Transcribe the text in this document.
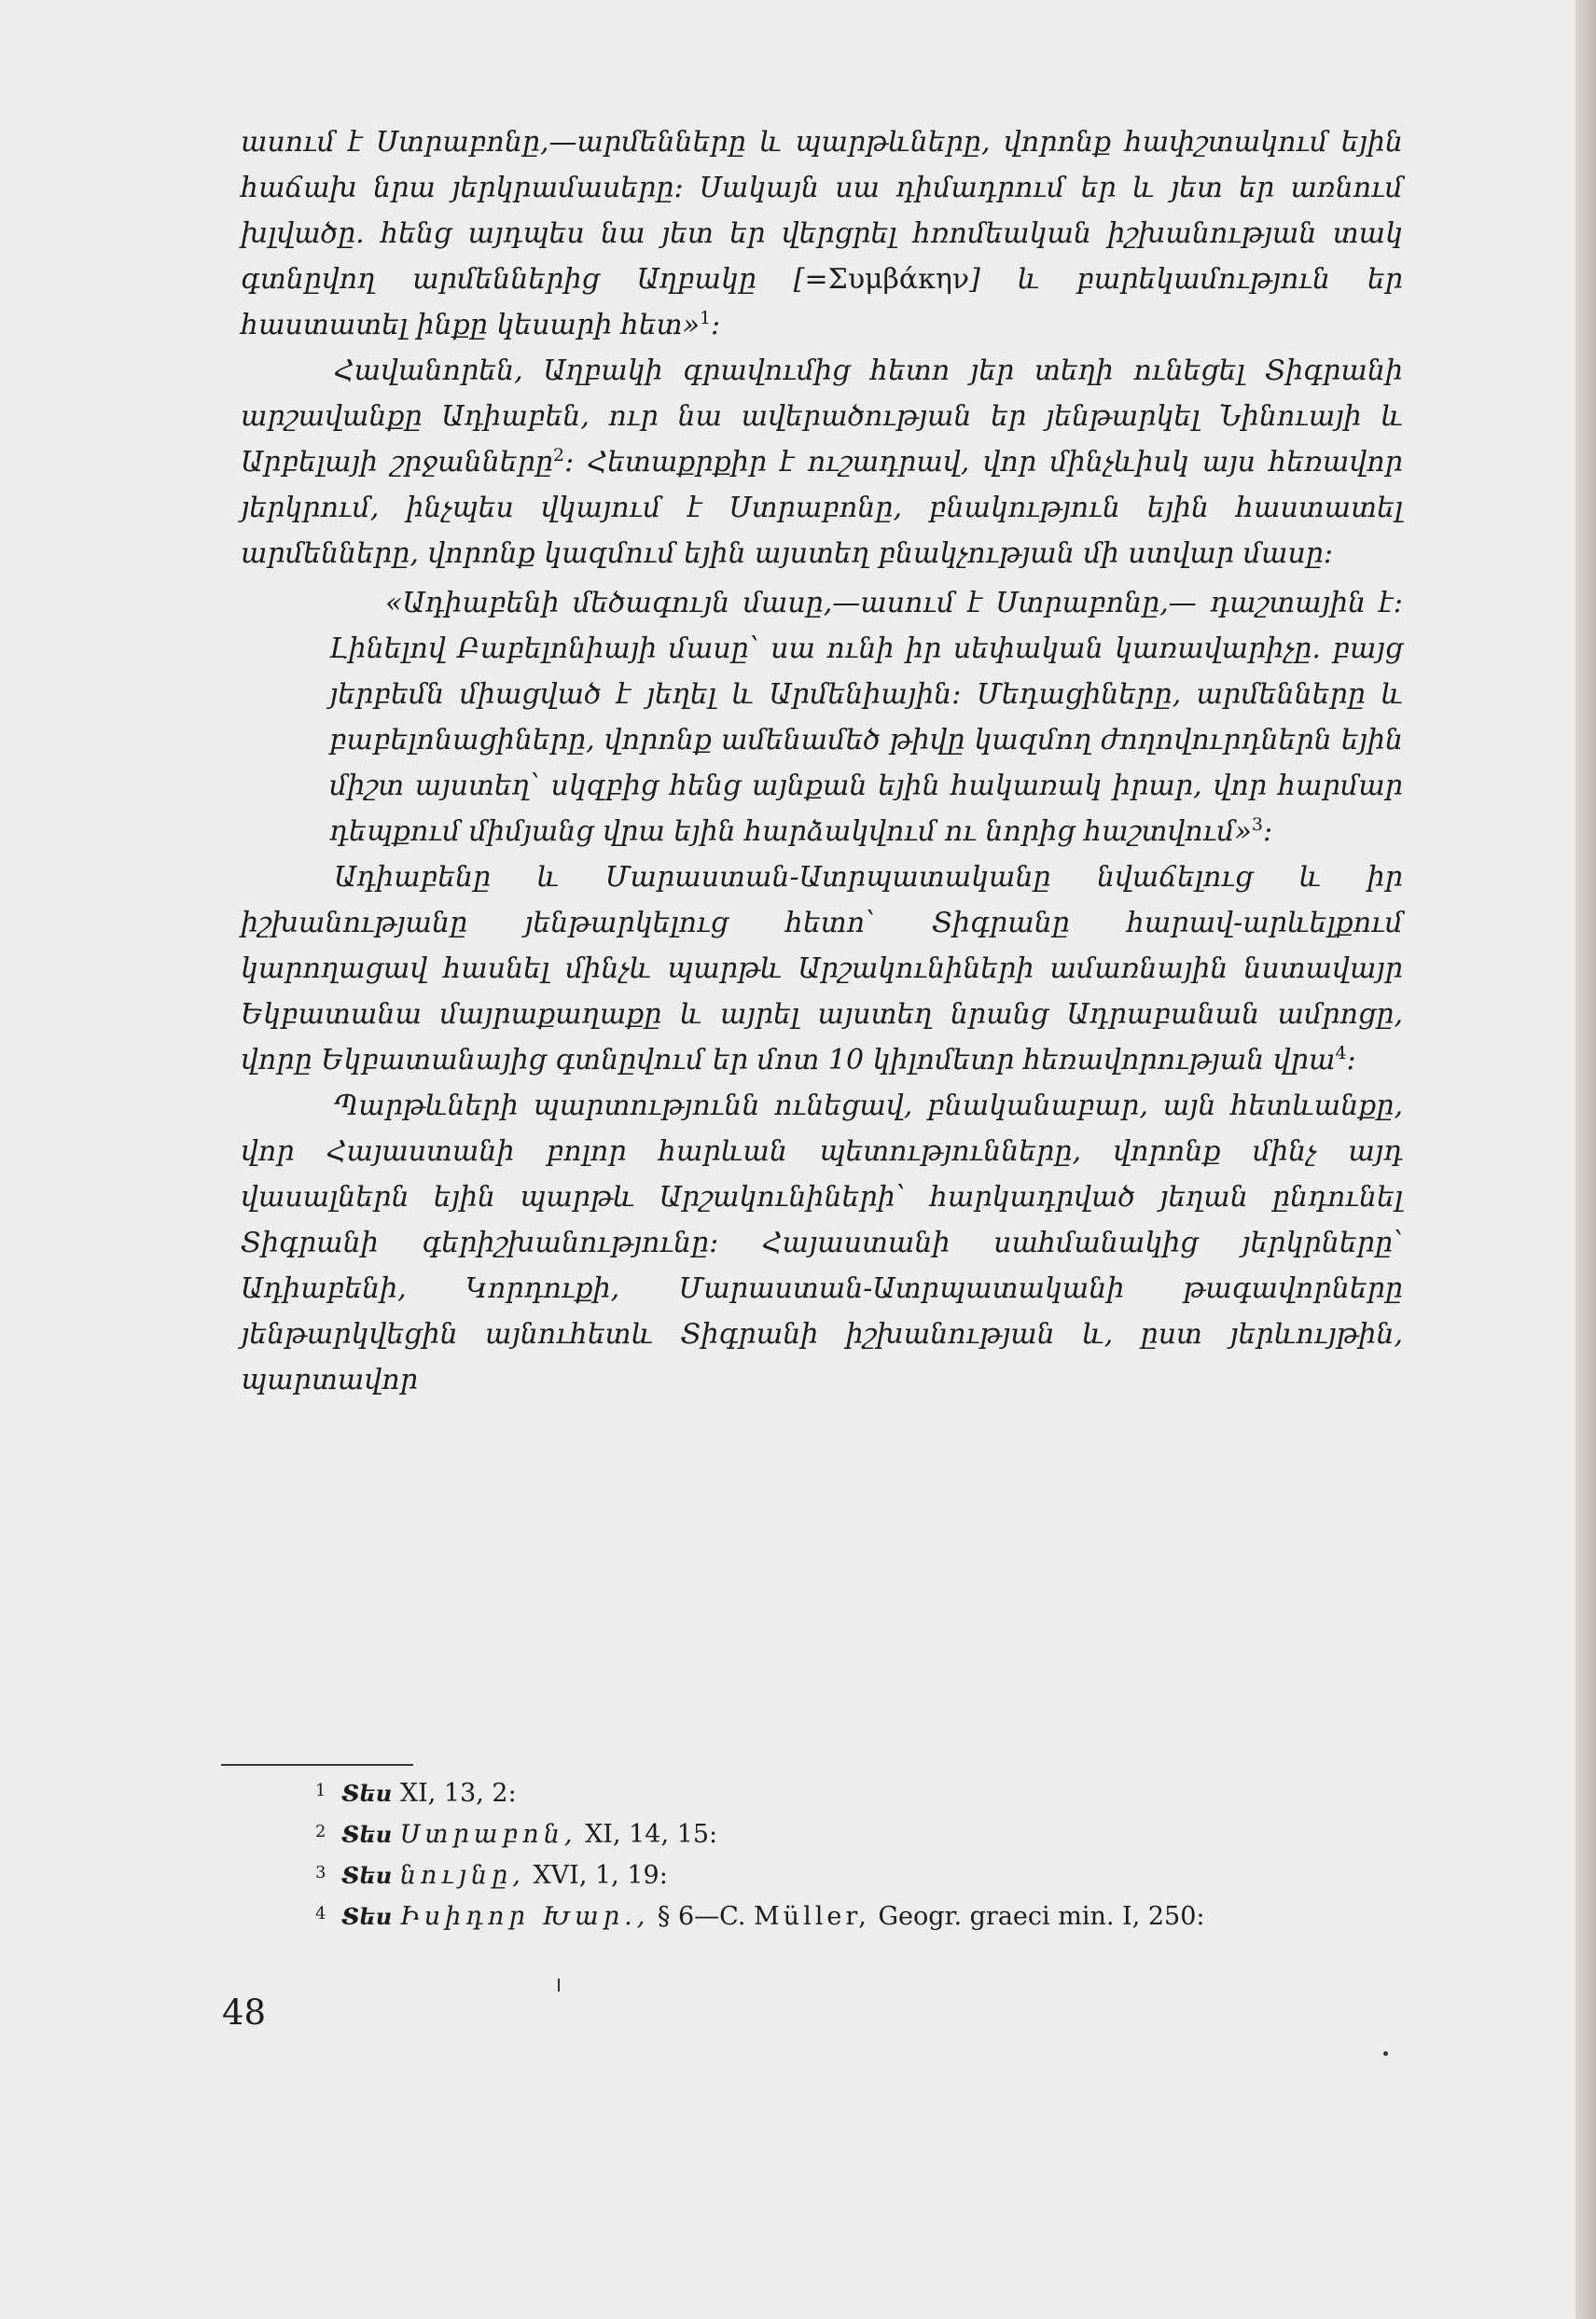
ասում է Ստրաբոնը,—արմենները և պարթևները, վորոնք հափշտակում եյին հաճախ նրա յերկրամասերը։ Սակայն սա դիմադրում եր և յետ եր առնում խլվածը. հենց այդպես նա յետ եր վերցրել հռոմեական իշխանության տակ գտնըվող արմեններից Աղբակը [=Συμβάκην] և բարեկամություն եր հաստատել ինքը կեսարի հետ»$^1$։

Հավանորեն, Աղբակի գրավումից հետո յեր տեղի ունեցել Տիգրանի արշավանքը Ադիաբեն, ուր նա ավերածության եր յենթարկել Նինուայի և Արբելայի շրջանները$^2$։ Հետաքրքիր է ուշադրավ, վոր մինչևիսկ այս հեռավոր յերկրում, ինչպես վկայում է Ստրաբոնը, բնակություն եյին հաստատել արմենները, վորոնք կազմում եյին այստեղ բնակչության մի ստվար մասը։

«Ադիաբենի մեծագույն մասը,—ասում է Ստրաբոնը,— դաշտային է։ Լինելով Բաբելոնիայի մասը՝ սա ունի իր սեփական կառավարիչը. բայց յերբեմն միացված է յեղել և Արմենիային։ Մեդացիները, արմենները և բաբելոնացիները, վորոնք ամենամեծ թիվը կազմող ժողովուրդներն եյին միշտ այստեղ՝ սկզբից հենց այնքան եյին հակառակ իրար, վոր հարմար դեպքում միմյանց վրա եյին հարձակվում ու նորից հաշտվում»$^3$։

Ադիաբենը և Մարաստան-Ատրպատականը նվաճելուց և իր իշխանությանը յենթարկելուց հետո՝ Տիգրանը հարավ-արևելքում կարողացավ հասնել մինչև պարթև Արշակունիների ամառնային նստավայր Եկբատանա մայրաքաղաքը և այրել այստեղ նրանց Ադրաբանան ամրոցը, վորը Եկբատանայից գտնըվում եր մոտ 10 կիլոմետր հեռավորության վրա$^4$։

Պարթևների պարտությունն ունեցավ, բնականաբար, այն հետևանքը, վոր Հայաստանի բոլոր հարևան պետությունները, վորոնք մինչ այդ վասալներն եյին պարթև Արշակունիների՝ հարկադրված յեղան ընդունել Տիգրանի գերիշխանությունը։ Հայաստանի սահմանակից յերկրները՝ Ադիաբենի, Կորդուքի, Մարաստան-Ատրպատականի թագավորները յենթարկվեցին այնուհետև Տիգրանի իշխանության և, ըստ յերևույթին, պարտավոր

1 Տես XI, 13, 2:
2 Տես Ստրաբոն, XI, 14, 15:
3 Տես նույնը, XVI, 1, 19:
4 Տես Իսիդոր Խար., § 6—C. Müller, Geogr. graeci min. I, 250:
48
